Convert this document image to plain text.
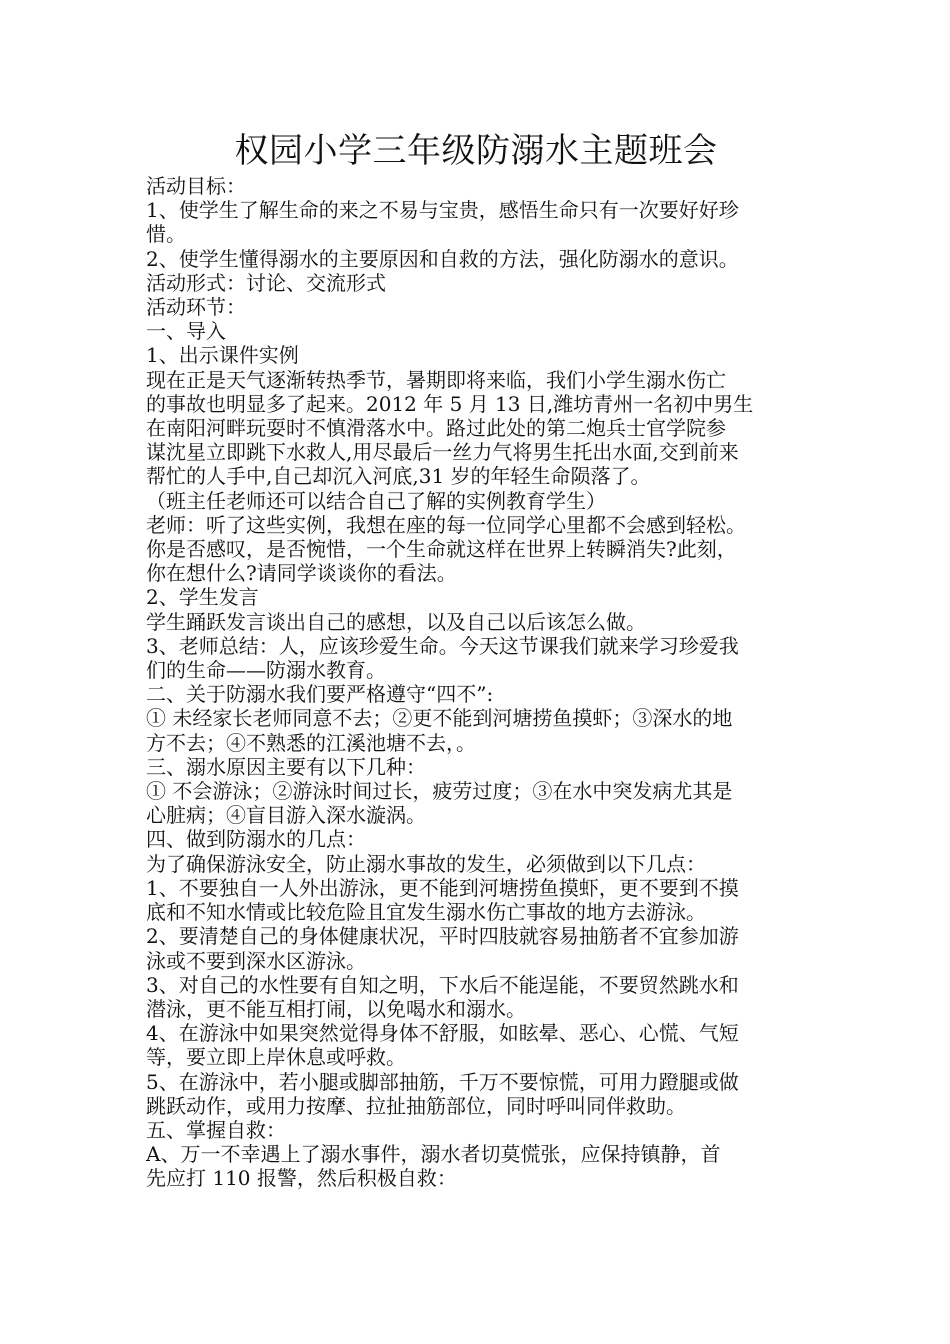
权园小学三年级防溺水主题班会

活动目标：

1、使学生了解生命的来之不易与宝贵，感悟生命只有一次要好好珍

惜。

2、使学生懂得溺水的主要原因和自救的方法，强化防溺水的意识。

活动形式：讨论、交流形式

活动环节：

一、导入

1、出示课件实例

现在正是天气逐渐转热季节，暑期即将来临，我们小学生溺水伤亡

的事故也明显多了起来。2012 年 5 月 13 日,潍坊青州一名初中男生

在南阳河畔玩耍时不慎滑落水中。路过此处的第二炮兵士官学院参

谋沈星立即跳下水救人,用尽最后一丝力气将男生托出水面,交到前来

帮忙的人手中,自己却沉入河底,31 岁的年轻生命陨落了。

（班主任老师还可以结合自己了解的实例教育学生）

老师：听了这些实例，我想在座的每一位同学心里都不会感到轻松。

你是否感叹，是否惋惜，一个生命就这样在世界上转瞬消失?此刻，

你在想什么?请同学谈谈你的看法。

2、学生发言

学生踊跃发言谈出自己的感想，以及自己以后该怎么做。

3、老师总结：人，应该珍爱生命。今天这节课我们就来学习珍爱我

们的生命——防溺水教育。

二、关于防溺水我们要严格遵守“四不”:

① 未经家长老师同意不去；②更不能到河塘捞鱼摸虾；③深水的地

方不去；④不熟悉的江溪池塘不去，。

三、溺水原因主要有以下几种：

① 不会游泳；②游泳时间过长，疲劳过度；③在水中突发病尤其是

心脏病；④盲目游入深水漩涡。

四、做到防溺水的几点：

为了确保游泳安全，防止溺水事故的发生，必须做到以下几点：

1、不要独自一人外出游泳，更不能到河塘捞鱼摸虾，更不要到不摸

底和不知水情或比较危险且宜发生溺水伤亡事故的地方去游泳。

2、要清楚自己的身体健康状况，平时四肢就容易抽筋者不宜参加游

泳或不要到深水区游泳。

3、对自己的水性要有自知之明，下水后不能逞能，不要贸然跳水和

潜泳，更不能互相打闹，以免喝水和溺水。

4、在游泳中如果突然觉得身体不舒服，如眩晕、恶心、心慌、气短

等，要立即上岸休息或呼救。

5、在游泳中，若小腿或脚部抽筋，千万不要惊慌，可用力蹬腿或做

跳跃动作，或用力按摩、拉扯抽筋部位，同时呼叫同伴救助。

五、掌握自救：

A、万一不幸遇上了溺水事件，溺水者切莫慌张，应保持镇静，首

先应打 110 报警，然后积极自救：
